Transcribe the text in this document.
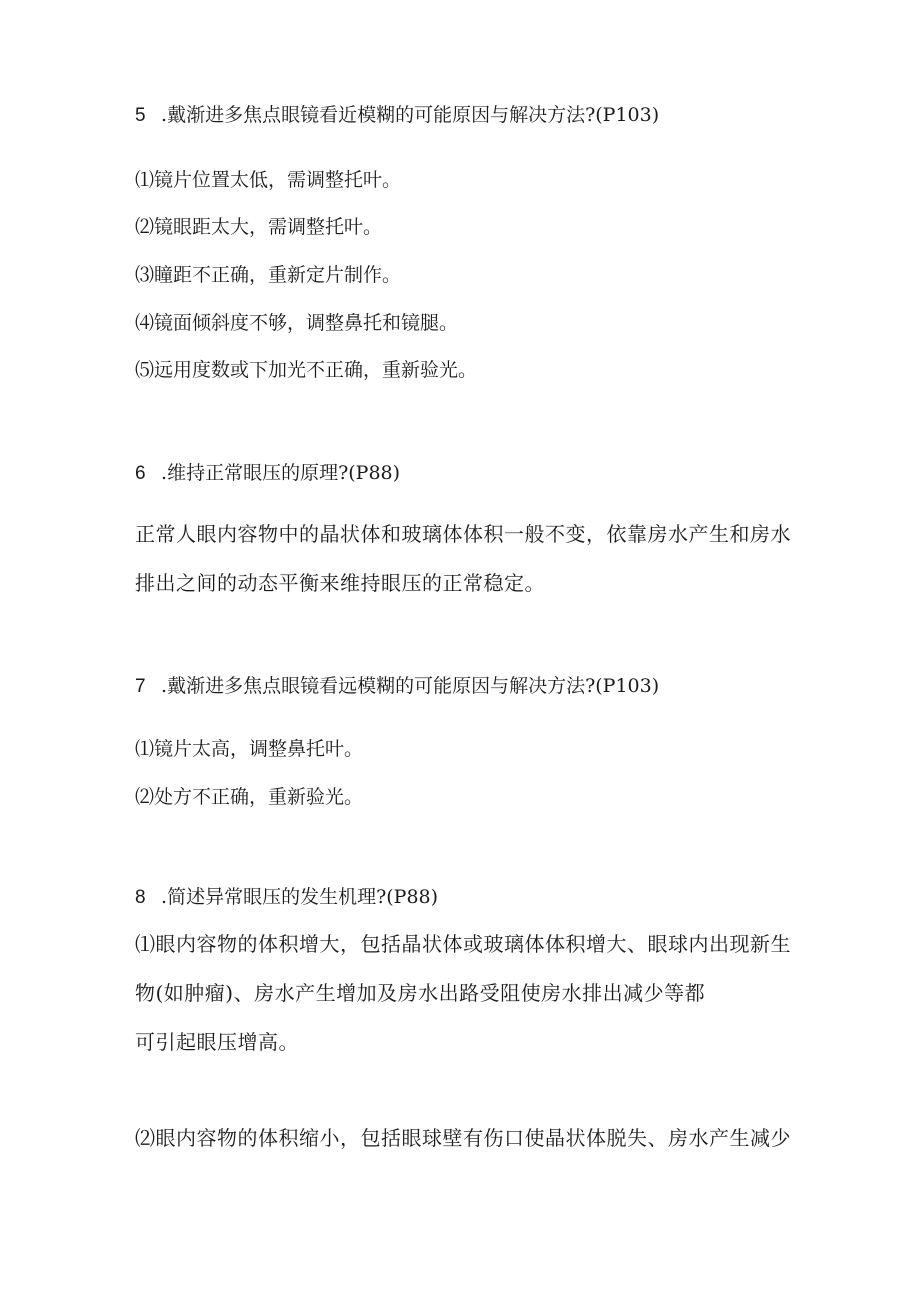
5 .戴渐进多焦点眼镜看近模糊的可能原因与解决方法?(P103)
⑴镜片位置太低，需调整托叶。
⑵镜眼距太大，需调整托叶。
⑶瞳距不正确，重新定片制作。
⑷镜面倾斜度不够，调整鼻托和镜腿。
⑸远用度数或下加光不正确，重新验光。
6 .维持正常眼压的原理?(P88)
正常人眼内容物中的晶状体和玻璃体体积一般不变，依靠房水产生和房水
排出之间的动态平衡来维持眼压的正常稳定。
7 .戴渐进多焦点眼镜看远模糊的可能原因与解决方法?(P103)
⑴镜片太高，调整鼻托叶。
⑵处方不正确，重新验光。
8 .简述异常眼压的发生机理?(P88)
⑴眼内容物的体积增大，包括晶状体或玻璃体体积增大、眼球内出现新生
物(如肿瘤)、房水产生增加及房水出路受阻使房水排出减少等都
可引起眼压增高。
⑵眼内容物的体积缩小，包括眼球壁有伤口使晶状体脱失、房水产生减少
